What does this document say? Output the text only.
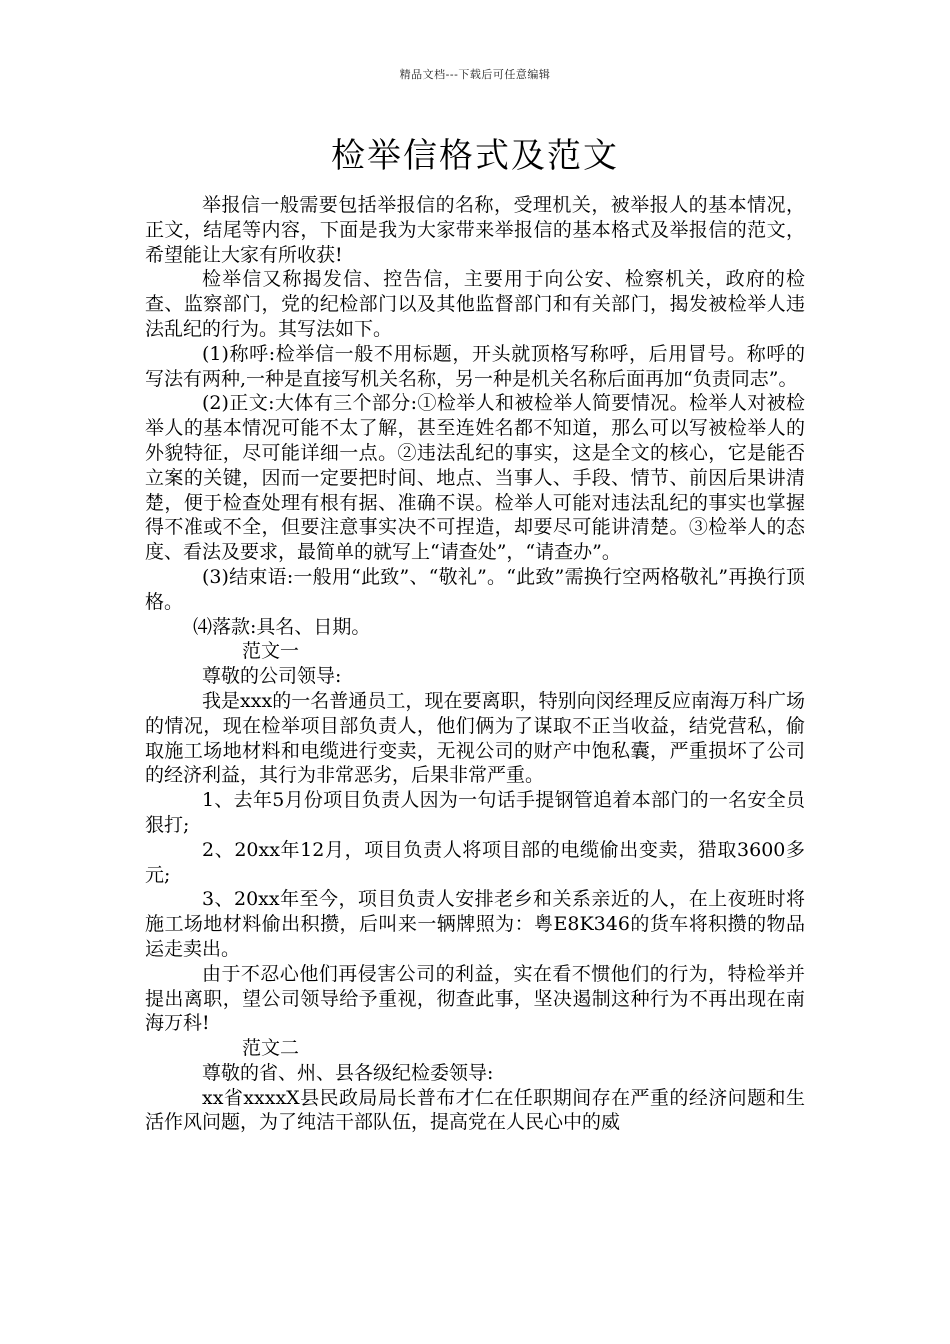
精品文档---下载后可任意编辑
检举信格式及范文

举报信一般需要包括举报信的名称，受理机关，被举报人的基本情况，正文，结尾等内容，下面是我为大家带来举报信的基本格式及举报信的范文，希望能让大家有所收获!

检举信又称揭发信、控告信，主要用于向公安、检察机关，政府的检查、监察部门，党的纪检部门以及其他监督部门和有关部门，揭发被检举人违法乱纪的行为。其写法如下。

(1)称呼:检举信一般不用标题，开头就顶格写称呼，后用冒号。称呼的写法有两种,一种是直接写机关名称，另一种是机关名称后面再加“负责同志”。

(2)正文:大体有三个部分:①检举人和被检举人简要情况。检举人对被检举人的基本情况可能不太了解，甚至连姓名都不知道，那么可以写被检举人的外貌特征，尽可能详细一点。②违法乱纪的事实，这是全文的核心，它是能否立案的关键，因而一定要把时间、地点、当事人、手段、情节、前因后果讲清楚，便于检查处理有根有据、准确不误。检举人可能对违法乱纪的事实也掌握得不准或不全，但要注意事实决不可捏造，却要尽可能讲清楚。③检举人的态度、看法及要求，最简单的就写上“请查处”，“请查办”。

(3)结束语:一般用“此致”、“敬礼”。“此致”需换行空两格敬礼”再换行顶格。

⑷落款:具名、日期。

范文一

尊敬的公司领导:

我是xxx的一名普通员工，现在要离职，特别向闵经理反应南海万科广场的情况，现在检举项目部负责人，他们俩为了谋取不正当收益，结党营私，偷取施工场地材料和电缆进行变卖，无视公司的财产中饱私囊，严重损坏了公司的经济利益，其行为非常恶劣，后果非常严重。

1、去年5月份项目负责人因为一句话手提钢管追着本部门的一名安全员狠打;

2、20xx年12月，项目负责人将项目部的电缆偷出变卖，猎取3600多元;

3、20xx年至今，项目负责人安排老乡和关系亲近的人，在上夜班时将施工场地材料偷出积攒，后叫来一辆牌照为：粤E8K346的货车将积攒的物品运走卖出。

由于不忍心他们再侵害公司的利益，实在看不惯他们的行为，特检举并提出离职，望公司领导给予重视，彻查此事，坚决遏制这种行为不再出现在南海万科!

范文二

尊敬的省、州、县各级纪检委领导:

xx省xxxxX县民政局局长普布才仁在任职期间存在严重的经济问题和生活作风问题，为了纯洁干部队伍，提高党在人民心中的威
